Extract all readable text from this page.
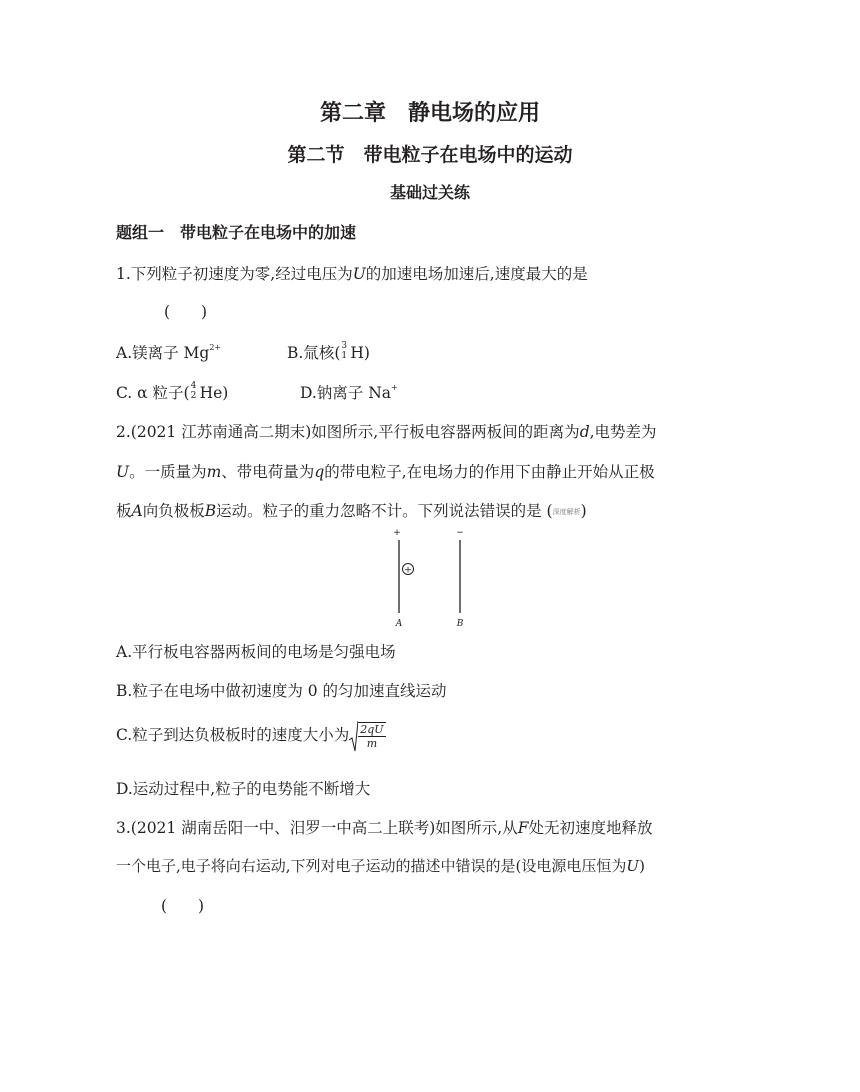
第二章　静电场的应用
第二节　带电粒子在电场中的运动
基础过关练
题组一　带电粒子在电场中的加速
1.下列粒子初速度为零,经过电压为U的加速电场加速后,速度最大的是
(　　)
A.镁离子 $Mg^{2+}$	B.氚核( 3
1 H)
C. α 粒子( 4
2 He)	D.钠离子 Na+
2.(2021 江苏南通高二期末)如图所示,平行板电容器两板间的距离为d,电势差为
U。一质量为m、带电荷量为q的带电粒子,在电场力的作用下由静止开始从正极
板A向负极板B运动。粒子的重力忽略不计。下列说法错误的是 (深度解析)
+	−
+
A	B
A.平行板电容器两板间的电场是匀强电场
B.粒子在电场中做初速度为 0 的匀加速直线运动
C.粒子到达负极板时的速度大小为 $\frac{2qU}{m}$
D.运动过程中,粒子的电势能不断增大
3.(2021 湖南岳阳一中、汨罗一中高二上联考)如图所示,从F处无初速度地释放
一个电子,电子将向右运动,下列对电子运动的描述中错误的是(设电源电压恒为U)
(　　)
